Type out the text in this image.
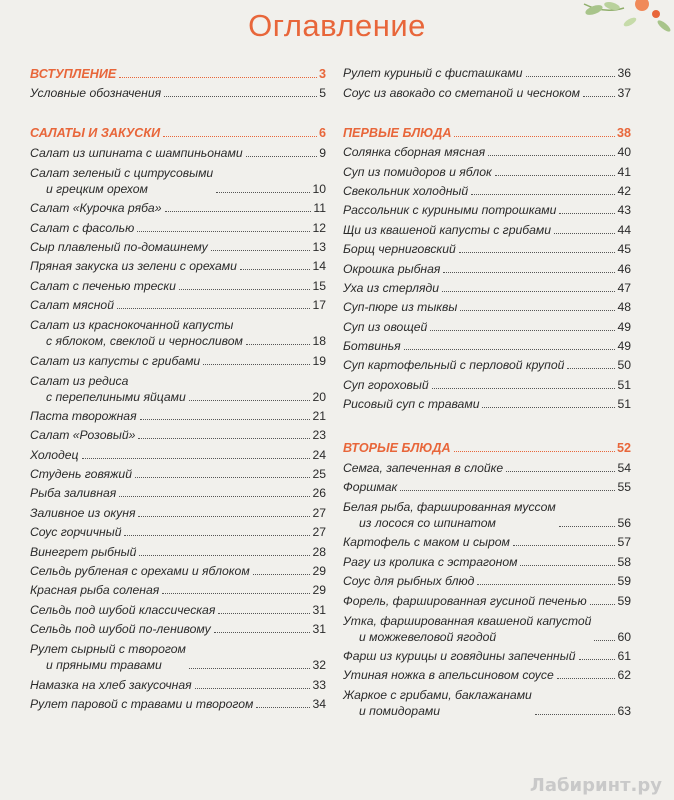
Оглавление
ВСТУПЛЕНИЕ	3
Условные обозначения	5
САЛАТЫ И ЗАКУСКИ	6
Салат из шпината с шампиньонами	9
Салат зеленый с цитрусовыми
и грецким орехом	10
Салат «Курочка ряба»	11
Салат с фасолью	12
Сыр плавленый по-домашнему	13
Пряная закуска из зелени с орехами	14
Салат с печенью трески	15
Салат мясной	17
Салат из краснокочанной капусты
с яблоком, свеклой и черносливом	18
Салат из капусты с грибами	19
Салат из редиса
с перепелиными яйцами	20
Паста творожная	21
Салат «Розовый»	23
Холодец	24
Студень говяжий	25
Рыба заливная	26
Заливное из окуня	27
Соус горчичный	27
Винегрет рыбный	28
Сельдь рубленая с орехами и яблоком	29
Красная рыба соленая	29
Сельдь под шубой классическая	31
Сельдь под шубой по-ленивому	31
Рулет сырный с творогом
и пряными травами	32
Намазка на хлеб закусочная	33
Рулет паровой с травами и творогом	34
Рулет куриный с фисташками	36
Соус из авокадо со сметаной и чесноком	37
ПЕРВЫЕ БЛЮДА	38
Солянка сборная мясная	40
Суп из помидоров и яблок	41
Свекольник холодный	42
Рассольник с куриными потрошками	43
Щи из квашеной капусты с грибами	44
Борщ черниговский	45
Окрошка рыбная	46
Уха из стерляди	47
Суп-пюре из тыквы	48
Суп из овощей	49
Ботвинья	49
Суп картофельный с перловой крупой	50
Суп гороховый	51
Рисовый суп с травами	51
ВТОРЫЕ БЛЮДА	52
Семга, запеченная в слойке	54
Форшмак	55
Белая рыба, фаршированная муссом
из лосося со шпинатом	56
Картофель с маком и сыром	57
Рагу из кролика с эстрагоном	58
Соус для рыбных блюд	59
Форель, фаршированная гусиной печенью	59
Утка, фаршированная квашеной капустой
и можжевеловой ягодой	60
Фарш из курицы и говядины запеченный	61
Утиная ножка в апельсиновом соусе	62
Жаркое с грибами, баклажанами
и помидорами	63
Лабиринт.ру
